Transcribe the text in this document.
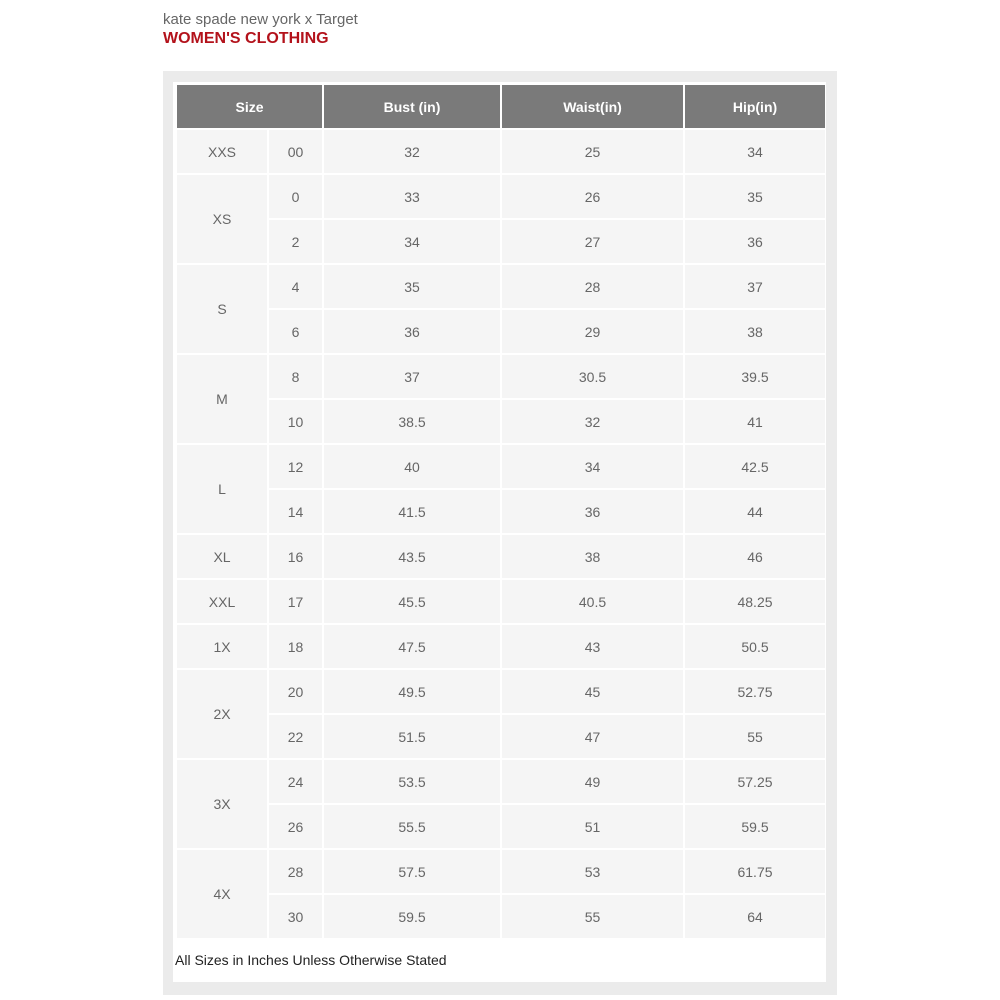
kate spade new york x Target
WOMEN'S CLOTHING
Size		Bust (in)	Waist(in)	Hip(in)
XXS	00	32	25	34
XS	0	33	26	35
	2	34	27	36
S	4	35	28	37
	6	36	29	38
M	8	37	30.5	39.5
	10	38.5	32	41
L	12	40	34	42.5
	14	41.5	36	44
XL	16	43.5	38	46
XXL	17	45.5	40.5	48.25
1X	18	47.5	43	50.5
2X	20	49.5	45	52.75
	22	51.5	47	55
3X	24	53.5	49	57.25
	26	55.5	51	59.5
4X	28	57.5	53	61.75
	30	59.5	55	64
All Sizes in Inches Unless Otherwise Stated
